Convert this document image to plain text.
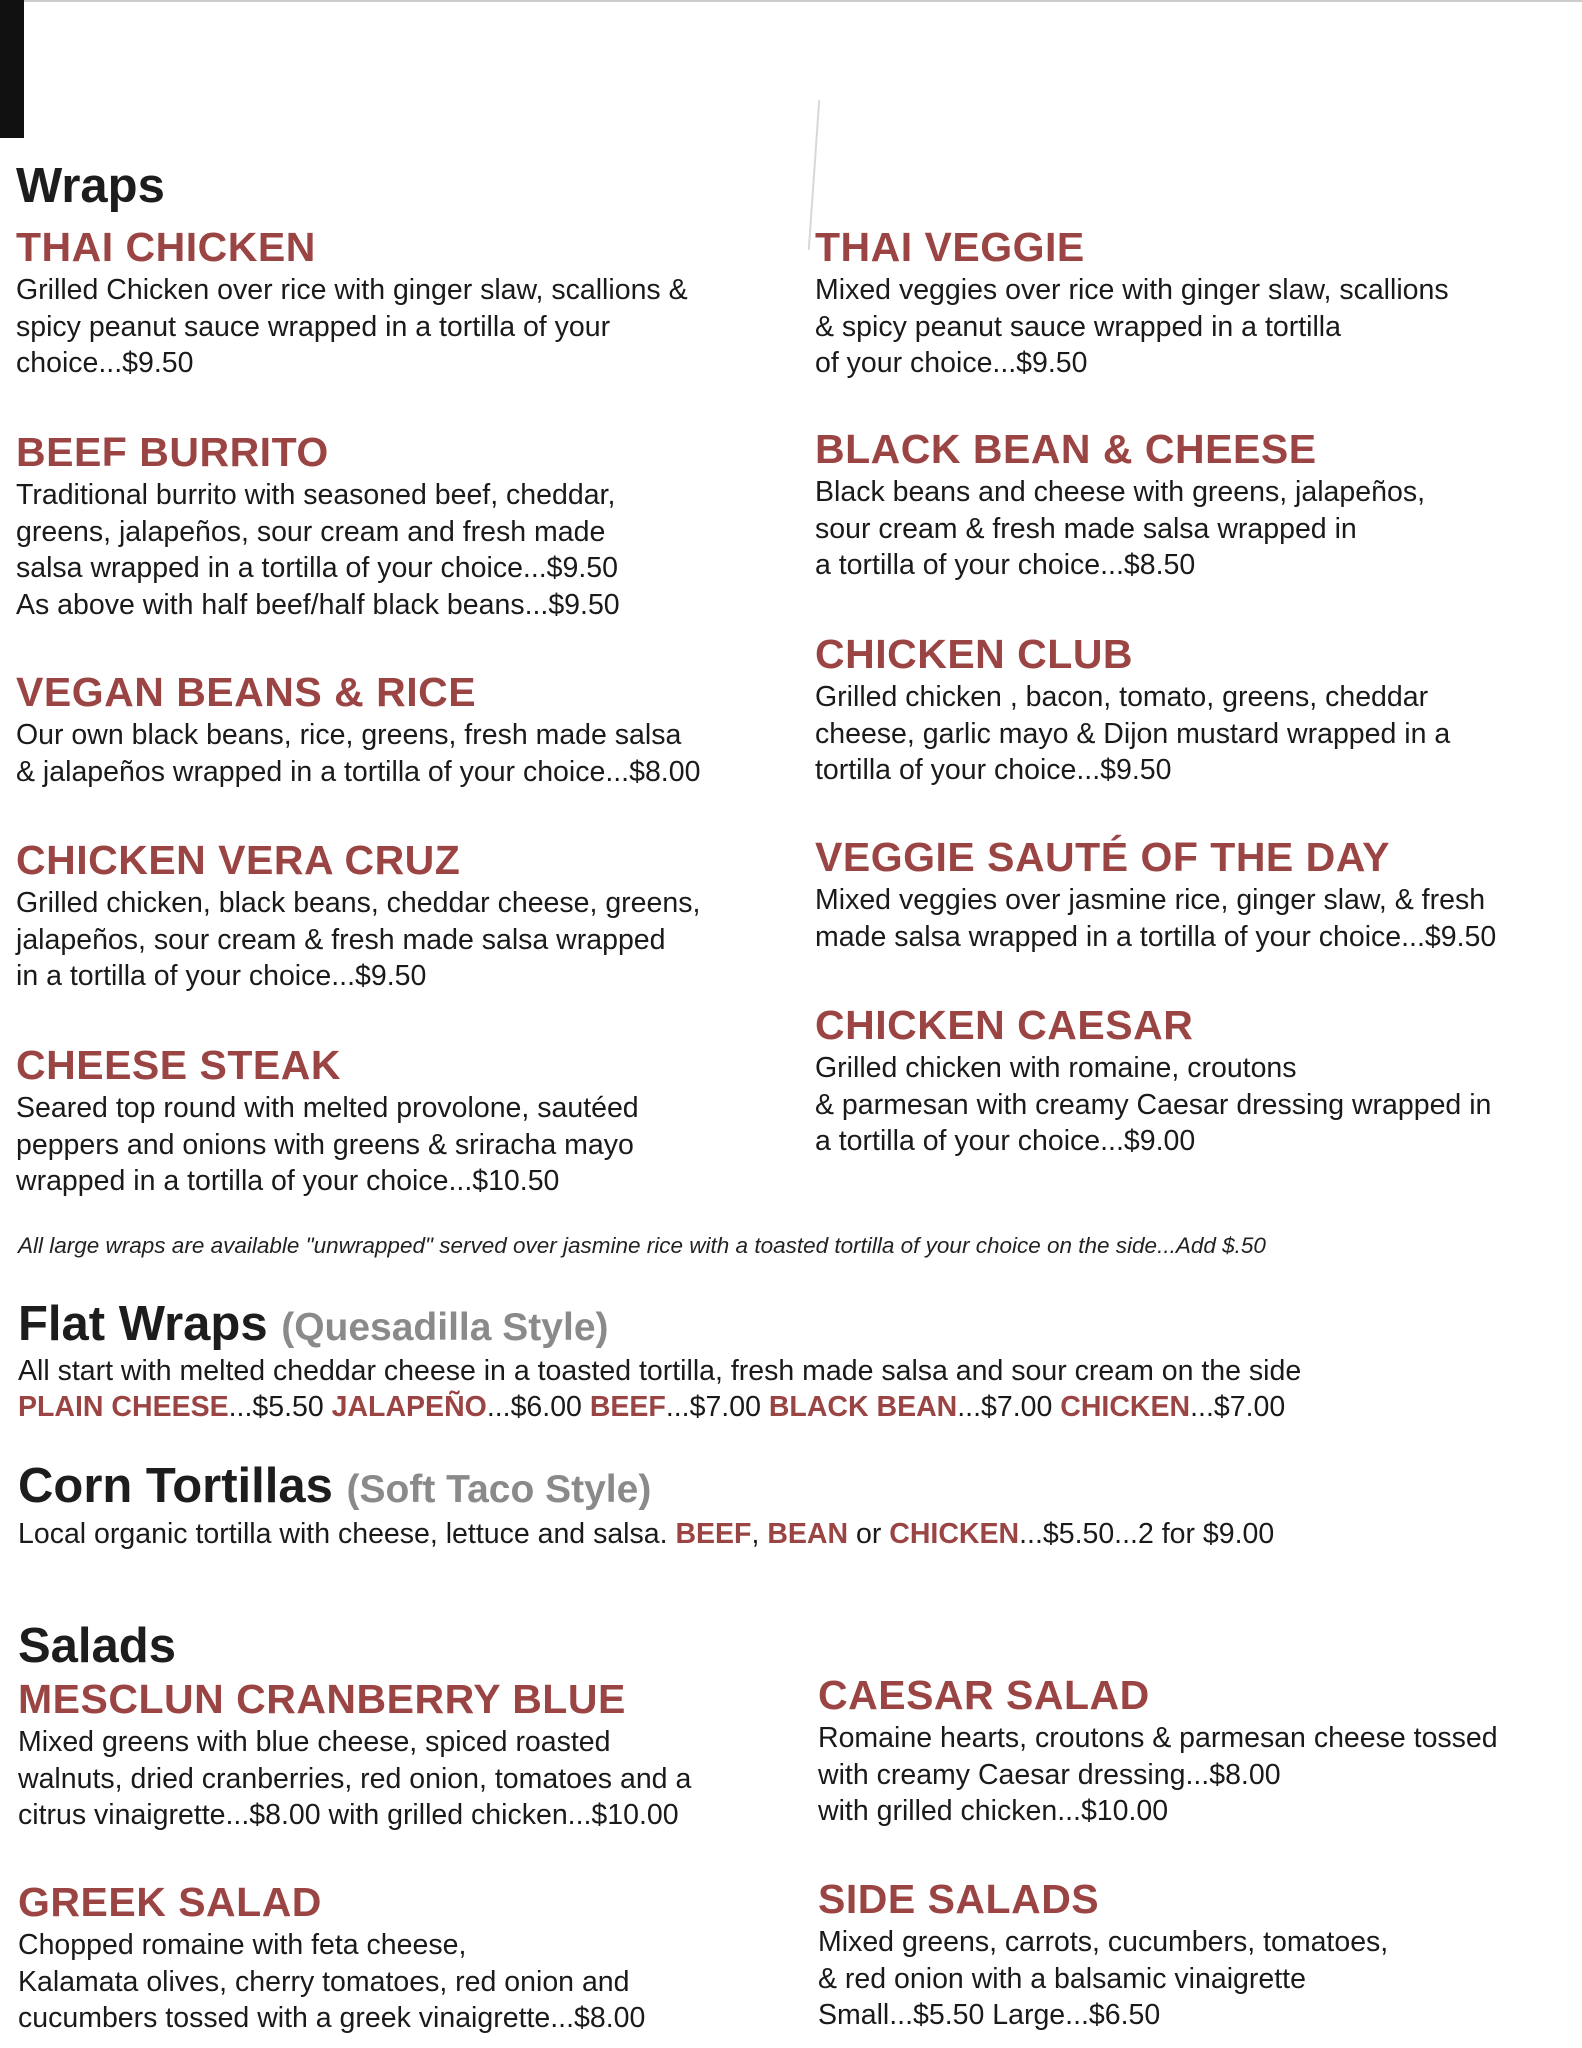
Wraps
THAI CHICKEN

Grilled Chicken over rice with ginger slaw, scallions &
spicy peanut sauce wrapped in a tortilla of your
choice...$9.50

THAI VEGGIE

Mixed veggies over rice with ginger slaw, scallions
& spicy peanut sauce wrapped in a tortilla
of your choice...$9.50

BEEF BURRITO

Traditional burrito with seasoned beef, cheddar,
greens, jalapeños, sour cream and fresh made
salsa wrapped in a tortilla of your choice...$9.50
As above with half beef/half black beans...$9.50

BLACK BEAN & CHEESE

Black beans and cheese with greens, jalapeños,
sour cream & fresh made salsa wrapped in
a tortilla of your choice...$8.50

VEGAN BEANS & RICE

Our own black beans, rice, greens, fresh made salsa
& jalapeños wrapped in a tortilla of your choice...$8.00

CHICKEN CLUB

Grilled chicken , bacon, tomato, greens, cheddar
cheese, garlic mayo & Dijon mustard wrapped in a
tortilla of your choice...$9.50

CHICKEN VERA CRUZ

Grilled chicken, black beans, cheddar cheese, greens,
jalapeños, sour cream & fresh made salsa wrapped
in a tortilla of your choice...$9.50

VEGGIE SAUTÉ OF THE DAY

Mixed veggies over jasmine rice, ginger slaw, & fresh
made salsa wrapped in a tortilla of your choice...$9.50

CHEESE STEAK

Seared top round with melted provolone, sautéed
peppers and onions with greens & sriracha mayo
wrapped in a tortilla of your choice...$10.50

CHICKEN CAESAR

Grilled chicken with romaine, croutons
& parmesan with creamy Caesar dressing wrapped in
a tortilla of your choice...$9.00

All large wraps are available "unwrapped" served over jasmine rice with a toasted tortilla of your choice on the side...Add $.50

Flat Wraps (Quesadilla Style)

All start with melted cheddar cheese in a toasted tortilla, fresh made salsa and sour cream on the side

PLAIN CHEESE...$5.50 JALAPEÑO...$6.00 BEEF...$7.00 BLACK BEAN...$7.00 CHICKEN...$7.00

Corn Tortillas (Soft Taco Style)

Local organic tortilla with cheese, lettuce and salsa. BEEF, BEAN or CHICKEN...$5.50...2 for $9.00

Salads
MESCLUN CRANBERRY BLUE

Mixed greens with blue cheese, spiced roasted
walnuts, dried cranberries, red onion, tomatoes and a
citrus vinaigrette...$8.00 with grilled chicken...$10.00

CAESAR SALAD

Romaine hearts, croutons & parmesan cheese tossed
with creamy Caesar dressing...$8.00
with grilled chicken...$10.00

GREEK SALAD

Chopped romaine with feta cheese,
Kalamata olives, cherry tomatoes, red onion and
cucumbers tossed with a greek vinaigrette...$8.00

SIDE SALADS

Mixed greens, carrots, cucumbers, tomatoes,
& red onion with a balsamic vinaigrette
Small...$5.50 Large...$6.50
